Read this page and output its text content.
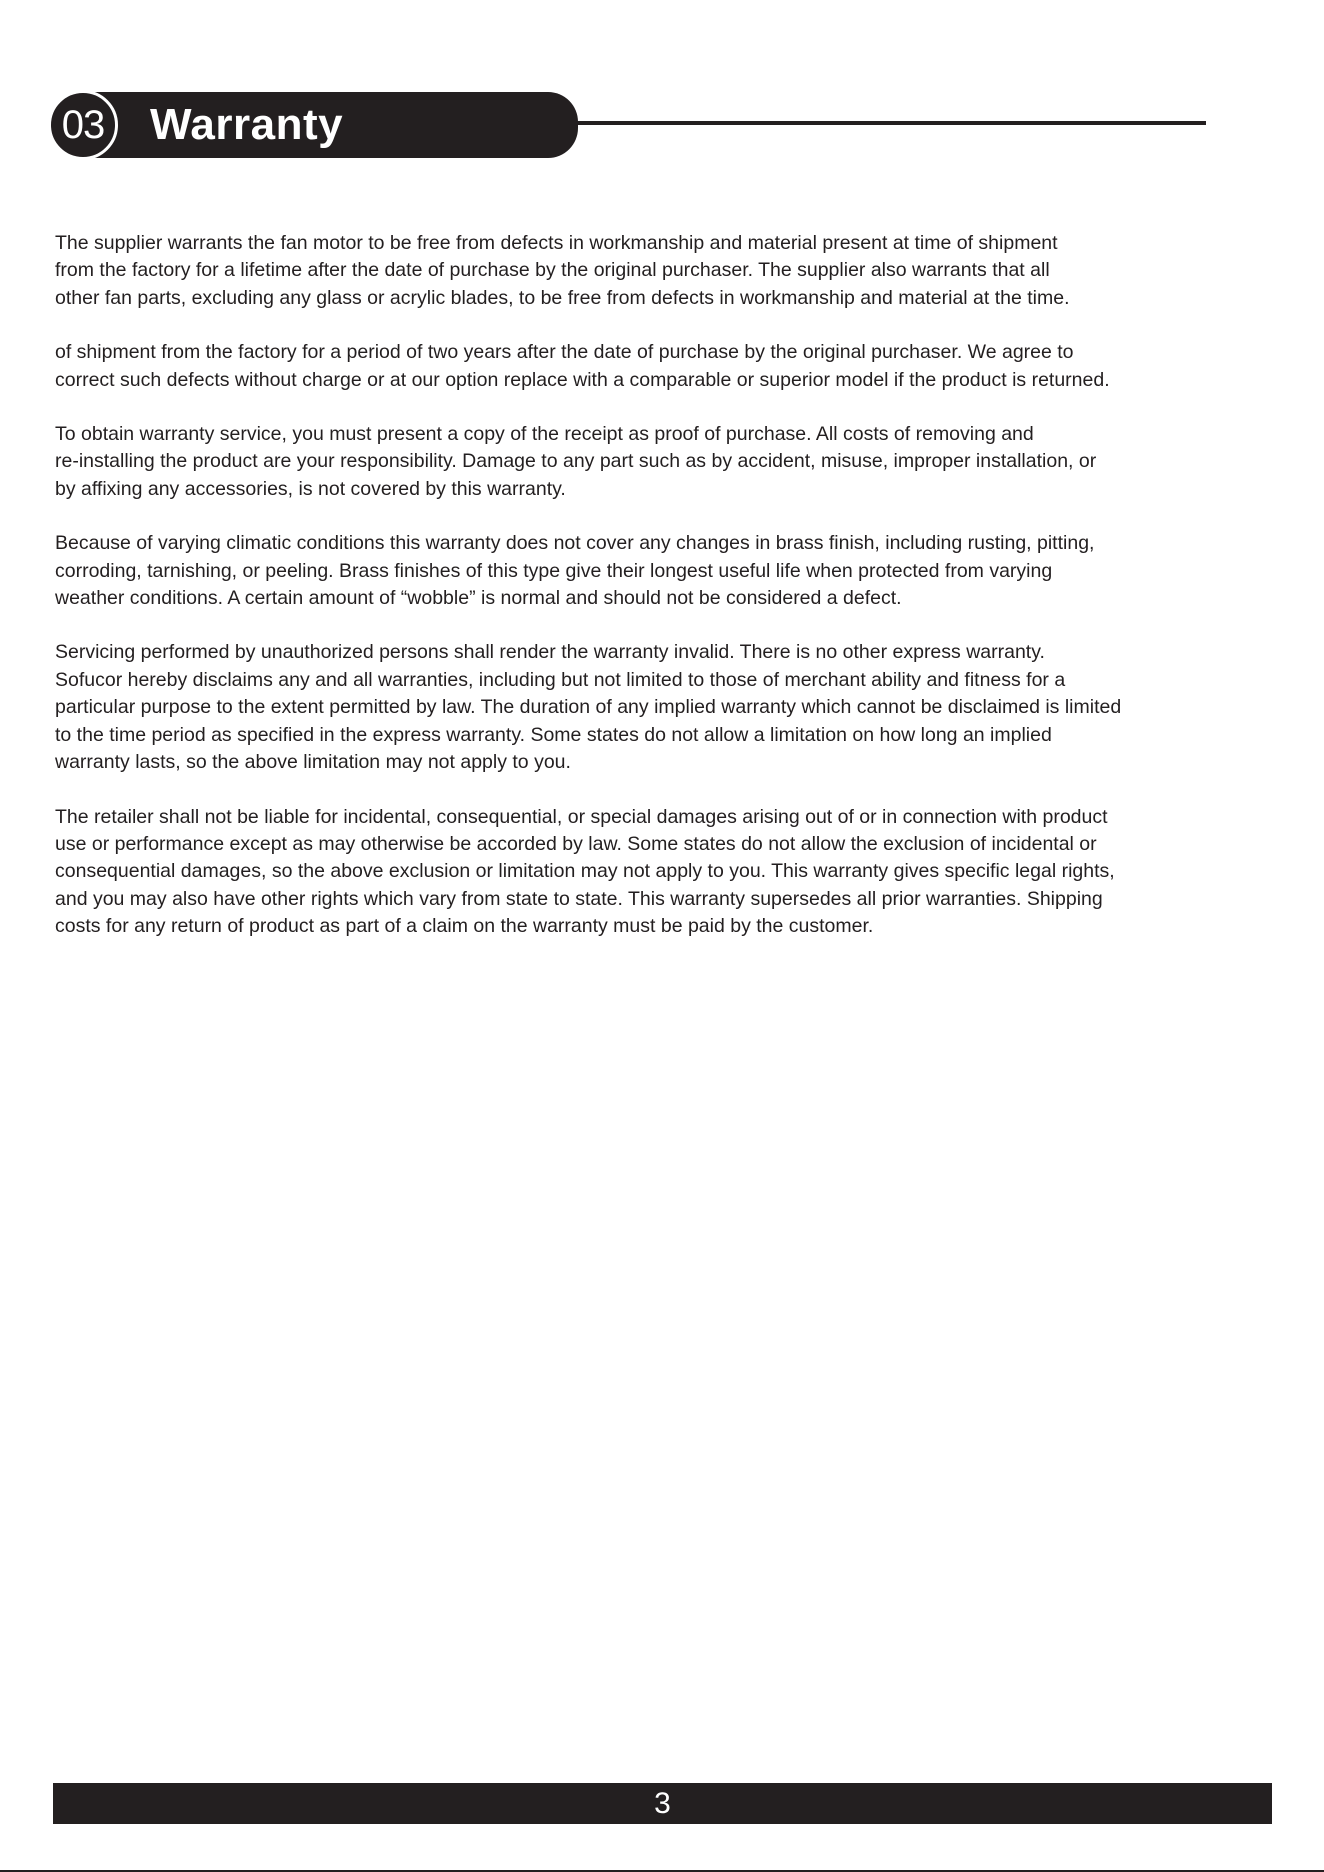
Warranty
03

The supplier warrants the fan motor to be free from defects in workmanship and material present at time of shipment
from the factory for a lifetime after the date of purchase by the original purchaser. The supplier also warrants that all
other fan parts, excluding any glass or acrylic blades, to be free from defects in workmanship and material at the time.

of shipment from the factory for a period of two years after the date of purchase by the original purchaser. We agree to
correct such defects without charge or at our option replace with a comparable or superior model if the product is returned.

To obtain warranty service, you must present a copy of the receipt as proof of purchase. All costs of removing and
re-installing the product are your responsibility. Damage to any part such as by accident, misuse, improper installation, or
by affixing any accessories, is not covered by this warranty.

Because of varying climatic conditions this warranty does not cover any changes in brass finish, including rusting, pitting,
corroding, tarnishing, or peeling. Brass finishes of this type give their longest useful life when protected from varying
weather conditions. A certain amount of “wobble” is normal and should not be considered a defect.

Servicing performed by unauthorized persons shall render the warranty invalid. There is no other express warranty.
Sofucor hereby disclaims any and all warranties, including but not limited to those of merchant ability and fitness for a
particular purpose to the extent permitted by law. The duration of any implied warranty which cannot be disclaimed is limited
to the time period as specified in the express warranty. Some states do not allow a limitation on how long an implied
warranty lasts, so the above limitation may not apply to you.

The retailer shall not be liable for incidental, consequential, or special damages arising out of or in connection with product
use or performance except as may otherwise be accorded by law. Some states do not allow the exclusion of incidental or
consequential damages, so the above exclusion or limitation may not apply to you. This warranty gives specific legal rights,
and you may also have other rights which vary from state to state. This warranty supersedes all prior warranties. Shipping
costs for any return of product as part of a claim on the warranty must be paid by the customer.

3
